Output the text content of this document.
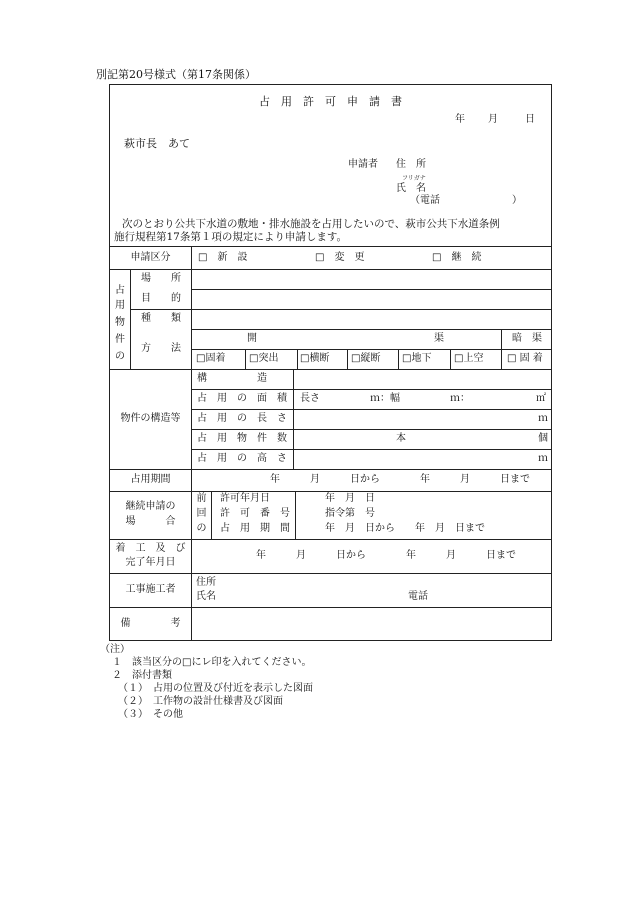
別記第20号様式（第17条関係）
占　用　許　可　申　請　書
年 月	日
萩市長　あて
申請者 住　所
フリガナ
氏　名
（電話	）
次のとおり公共下水道の敷地・排水施設を占用したいので、萩市公共下水道条例
施行規程第17条第１項の規定により申請します。
申請区分	□　新　設	□　変　更	□　継　続
占
用
物
件
の
場　　所
目　　的
種　　類
方　　法
開	渠	暗　渠
□固着 □突出 □横断 □縦断 □地下 □上空 □ 固 着
物件の構造等
構　　　　　造
占　用　の　面　積 長さ　　　　　ｍ：幅　　　　　ｍ：	㎡
占　用　の　長　さ	ｍ
占　用　物　件　数	本	個
占　用　の　高　さ	ｍ
占用期間	年　　　月　　　日から　　　　年　　　月　　　日まで
継続申請の
場　　　合
前
回
の
許可年月日	年　月　日
許　可　番　号	指令第　号
占　用　期　間	年　月　日から　　年　月　日まで
着　工　及　び
完了年月日
年　　　月　　　日から　　　　年　　　月　　　日まで
工事施工者
住所
氏名	電話
備　　　　考
（注）
１　該当区分の□にレ印を入れてください。
２　添付書類
（１）　占用の位置及び付近を表示した図面
（２）　工作物の設計仕様書及び図面
（３）　その他
